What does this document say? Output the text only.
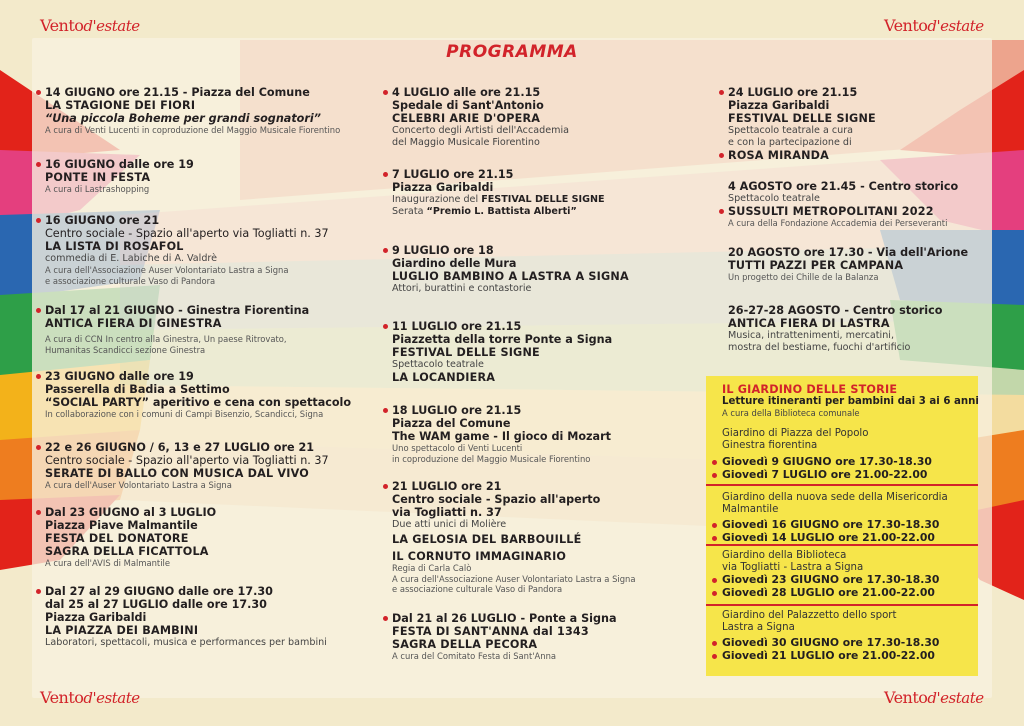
Ventod'estate	Ventod'estate
Ventod'estate	Ventod'estate
PROGRAMMA
14 GIUGNO ore 21.15 - Piazza del Comune
LA STAGIONE DEI FIORI
“Una piccola Boheme per grandi sognatori”
A cura di Venti Lucenti in coproduzione del Maggio Musicale Fiorentino
16 GIUGNO dalle ore 19
PONTE IN FESTA
A cura di Lastrashopping
16 GIUGNO ore 21
Centro sociale - Spazio all'aperto via Togliatti n. 37
LA LISTA DI ROSAFOL
commedia di E. Labiche di A. Valdrè
A cura dell'Associazione Auser Volontariato Lastra a Signa
e associazione culturale Vaso di Pandora
Dal 17 al 21 GIUGNO - Ginestra Fiorentina
ANTICA FIERA DI GINESTRA
A cura di CCN In centro alla Ginestra, Un paese Ritrovato,
Humanitas Scandicci sezione Ginestra
23 GIUGNO dalle ore 19
Passerella di Badia a Settimo
“SOCIAL PARTY” aperitivo e cena con spettacolo
In collaborazione con i comuni di Campi Bisenzio, Scandicci, Signa
22 e 26 GIUGNO / 6, 13 e 27 LUGLIO ore 21
Centro sociale - Spazio all'aperto via Togliatti n. 37
SERATE DI BALLO CON MUSICA DAL VIVO
A cura dell'Auser Volontariato Lastra a Signa
Dal 23 GIUGNO al 3 LUGLIO
Piazza Piave Malmantile
FESTA DEL DONATORE
SAGRA DELLA FICATTOLA
A cura dell'AVIS di Malmantile
Dal 27 al 29 GIUGNO dalle ore 17.30
dal 25 al 27 LUGLIO dalle ore 17.30
Piazza Garibaldi
LA PIAZZA DEI BAMBINI
Laboratori, spettacoli, musica e performances per bambini
4 LUGLIO alle ore 21.15
Spedale di Sant'Antonio
CELEBRI ARIE D'OPERA
Concerto degli Artisti dell'Accademia
del Maggio Musicale Fiorentino
7 LUGLIO ore 21.15
Piazza Garibaldi
Inaugurazione del FESTIVAL DELLE SIGNE
Serata “Premio L. Battista Alberti”
9 LUGLIO ore 18
Giardino delle Mura
LUGLIO BAMBINO A LASTRA A SIGNA
Attori, burattini e contastorie
11 LUGLIO ore 21.15
Piazzetta della torre Ponte a Signa
FESTIVAL DELLE SIGNE
Spettacolo teatrale
LA LOCANDIERA
18 LUGLIO ore 21.15
Piazza del Comune
The WAM game - Il gioco di Mozart
Uno spettacolo di Venti Lucenti
in coproduzione del Maggio Musicale Fiorentino
21 LUGLIO ore 21
Centro sociale - Spazio all'aperto
via Togliatti n. 37
Due atti unici di Molière
LA GELOSIA DEL BARBOUILLÉ
IL CORNUTO IMMAGINARIO
Regia di Carla Calò
A cura dell'Associazione Auser Volontariato Lastra a Signa
e associazione culturale Vaso di Pandora
Dal 21 al 26 LUGLIO - Ponte a Signa
FESTA DI SANT'ANNA dal 1343
SAGRA DELLA PECORA
A cura del Comitato Festa di Sant'Anna
24 LUGLIO ore 21.15
Piazza Garibaldi
FESTIVAL DELLE SIGNE
Spettacolo teatrale a cura
e con la partecipazione di
ROSA MIRANDA
4 AGOSTO ore 21.45 - Centro storico
Spettacolo teatrale
SUSSULTI METROPOLITANI 2022
A cura della Fondazione Accademia dei Perseveranti
20 AGOSTO ore 17.30 - Via dell'Arione
TUTTI PAZZI PER CAMPANA
Un progetto dei Chille de la Balanza
26-27-28 AGOSTO - Centro storico
ANTICA FIERA DI LASTRA
Musica, intrattenimenti, mercatini,
mostra del bestiame, fuochi d'artificio
IL GIARDINO DELLE STORIE
Letture itineranti per bambini dai 3 ai 6 anni
A cura della Biblioteca comunale
Giardino di Piazza del Popolo
Ginestra fiorentina
Giovedì 9 GIUGNO ore 17.30-18.30
Giovedì 7 LUGLIO ore 21.00-22.00
Giardino della nuova sede della Misericordia
Malmantile
Giovedì 16 GIUGNO ore 17.30-18.30
Giovedì 14 LUGLIO ore 21.00-22.00
Giardino della Biblioteca
via Togliatti - Lastra a Signa
Giovedì 23 GIUGNO ore 17.30-18.30
Giovedì 28 LUGLIO ore 21.00-22.00
Giardino del Palazzetto dello sport
Lastra a Signa
Giovedì 30 GIUGNO ore 17.30-18.30
Giovedì 21 LUGLIO ore 21.00-22.00
